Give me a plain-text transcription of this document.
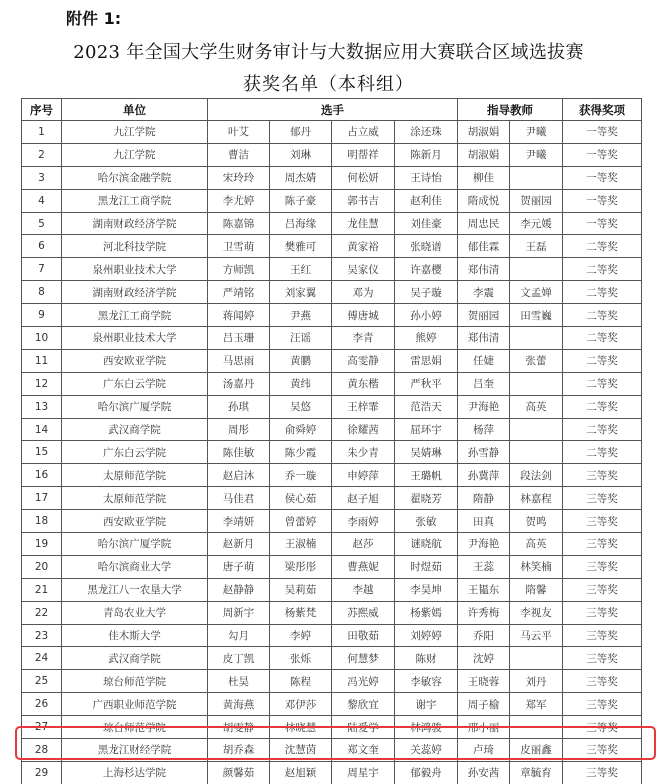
附件 1:
2023 年全国大学生财务审计与大数据应用大赛联合区域选拔赛
获奖名单（本科组）
序号	单位	选手				指导教师		获得奖项
1	九江学院	叶艾	郁丹	占立威	涂还珠	胡淑娟	尹曦	一等奖
2	九江学院	曹洁	刘琳	明帮祥	陈新月	胡淑娟	尹曦	一等奖
3	哈尔滨金融学院	宋玲玲	周杰婧	何松妍	王诗怡	柳佳		一等奖
4	黑龙江工商学院	李尤婷	陈子豪	郭书吉	赵利佳	隋成悦	贺丽园	一等奖
5	湖南财政经济学院	陈嘉锦	吕海缘	龙佳慧	刘佳豪	周忠民	李元媛	一等奖
6	河北科技学院	卫雪萌	樊雅可	黄家裕	张晓谱	郁佳霖	王磊	二等奖
7	泉州职业技术大学	方师凯	王红	吴家仪	许嘉樱	郑伟清		二等奖
8	湖南财政经济学院	严靖铭	刘家翼	邓为	吴子璇	李震	文孟婵	二等奖
9	黑龙江工商学院	蒋闻婷	尹燕	傅唐城	孙小婷	贺丽园	田雪巍	二等奖
10	泉州职业技术大学	吕玉珊	汪谣	李青	熊婷	郑伟清		二等奖
11	西安欧亚学院	马思雨	黄鹏	高雯静	雷思娟	任婕	张蕾	二等奖
12	广东白云学院	汤嘉丹	黄纬	黄东楷	严秋平	吕奎		二等奖
13	哈尔滨广厦学院	孙琪	吴悠	王梓霏	范浩天	尹海艳	高英	二等奖
14	武汉商学院	周彤	俞舜婷	徐耀茜	屈环宇	杨萍		二等奖
15	广东白云学院	陈佳敏	陈少霞	朱少青	吴婧琳	孙雪静		二等奖
16	太原师范学院	赵启沐	乔一璇	申婷萍	王璐帆	孙冀萍	段法剑	三等奖
17	太原师范学院	马佳君	侯心茹	赵子旭	翟晓芳	隋静	林嘉程	三等奖
18	西安欧亚学院	李靖妍	曾蕾婷	李雨婷	张敏	田真	贺鸣	三等奖
19	哈尔滨广厦学院	赵新月	王淑楠	赵莎	谜晓航	尹海艳	高英	三等奖
20	哈尔滨商业大学	唐子萌	梁彤彤	曹燕妮	时煜茹	王蕊	林笑楠	三等奖
21	黑龙江八一农垦大学	赵静静	吴莉茹	李越	李昊坤	王韫东	隋馨	三等奖
22	青岛农业大学	周新宇	杨紫梵	苏熙威	杨紫嫣	许秀梅	李视友	三等奖
23	佳木斯大学	勾月	李婷	田敬茹	刘婷婷	乔阳	马云平	三等奖
24	武汉商学院	皮丁凯	张烁	何慧梦	陈财	沈婷		三等奖
25	琼台师范学院	杜昊	陈程	冯光婷	李敏容	王晓蓉	刘丹	三等奖
26	广西职业师范学院	黄海燕	邓伊莎	黎欣宜	谢宇	周子榆	郑军	三等奖
27	琼台师范学院	胡雯静	林晓慧	陆爱学	林鸿骏	邢小丽		三等奖
28	黑龙江财经学院	胡乔森	沈慧茵	郑文奎	关蕊婷	卢琦	皮丽鑫	三等奖
29	上海杉达学院	颜馨茹	赵旭颖	周星宇	郁毅舟	孙安茜	章毓育	三等奖
